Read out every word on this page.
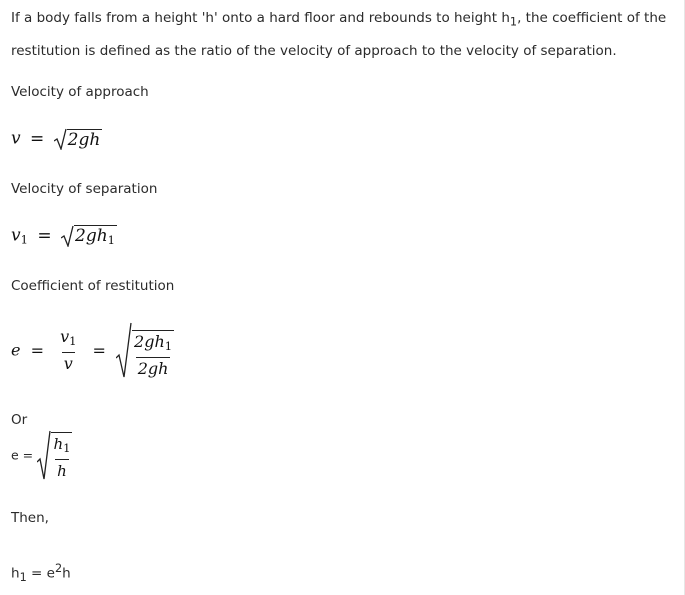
If a body falls from a height 'h' onto a hard floor and rebounds to height $h_1$, the coefficient of the restitution is defined as the ratio of the velocity of approach to the velocity of separation.
Velocity of approach
v = 2gh
Velocity of separation
$v_1 = 2gh_1$
Coefficient of restitution
$e = \frac{v_1}{v} = \frac{2gh_1}{2gh}$
Or
$e = \frac{h_1}{h}$
Then,
$h_1 = e^2h$
